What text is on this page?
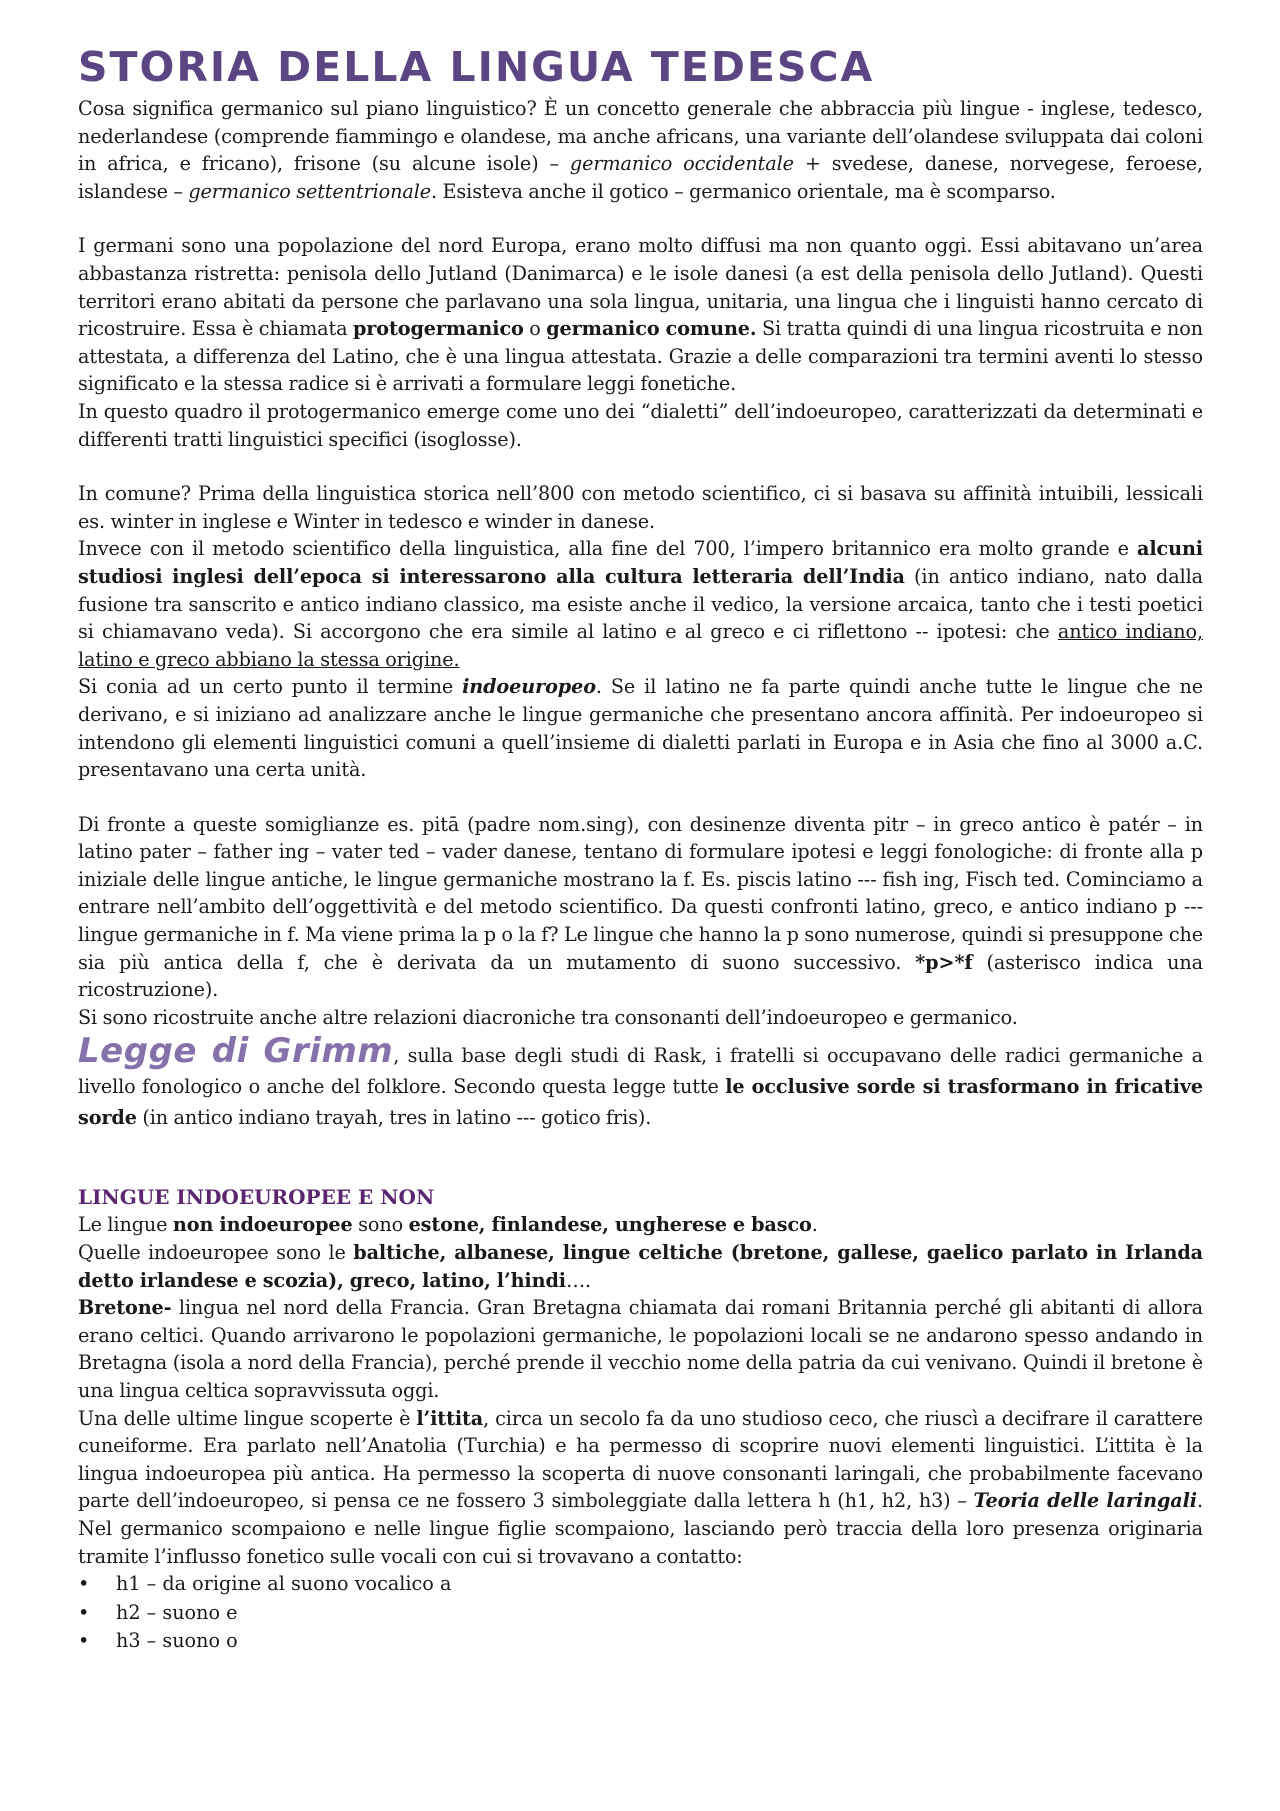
STORIA DELLA LINGUA TEDESCA

Cosa significa germanico sul piano linguistico? È un concetto generale che abbraccia più lingue - inglese, tedesco, nederlandese (comprende fiammingo e olandese, ma anche africans, una variante dell’olandese sviluppata dai coloni in africa, e fricano), frisone (su alcune isole) – germanico occidentale + svedese, danese, norvegese, feroese, islandese – germanico settentrionale. Esisteva anche il gotico – germanico orientale, ma è scomparso.

I germani sono una popolazione del nord Europa, erano molto diffusi ma non quanto oggi. Essi abitavano un’area abbastanza ristretta: penisola dello Jutland (Danimarca) e le isole danesi (a est della penisola dello Jutland). Questi territori erano abitati da persone che parlavano una sola lingua, unitaria, una lingua che i linguisti hanno cercato di ricostruire. Essa è chiamata protogermanico o germanico comune. Si tratta quindi di una lingua ricostruita e non attestata, a differenza del Latino, che è una lingua attestata. Grazie a delle comparazioni tra termini aventi lo stesso significato e la stessa radice si è arrivati a formulare leggi fonetiche.

In questo quadro il protogermanico emerge come uno dei “dialetti” dell’indoeuropeo, caratterizzati da determinati e differenti tratti linguistici specifici (isoglosse).

In comune? Prima della linguistica storica nell’800 con metodo scientifico, ci si basava su affinità intuibili, lessicali es. winter in inglese e Winter in tedesco e winder in danese.

Invece con il metodo scientifico della linguistica, alla fine del 700, l’impero britannico era molto grande e alcuni studiosi inglesi dell’epoca si interessarono alla cultura letteraria dell’India (in antico indiano, nato dalla fusione tra sanscrito e antico indiano classico, ma esiste anche il vedico, la versione arcaica, tanto che i testi poetici si chiamavano veda). Si accorgono che era simile al latino e al greco e ci riflettono -- ipotesi: che antico indiano, latino e greco abbiano la stessa origine.

Si conia ad un certo punto il termine indoeuropeo. Se il latino ne fa parte quindi anche tutte le lingue che ne derivano, e si iniziano ad analizzare anche le lingue germaniche che presentano ancora affinità. Per indoeuropeo si intendono gli elementi linguistici comuni a quell’insieme di dialetti parlati in Europa e in Asia che fino al 3000 a.C. presentavano una certa unità.

Di fronte a queste somiglianze es. pitā (padre nom.sing), con desinenze diventa pitr – in greco antico è patér – in latino pater – father ing – vater ted – vader danese, tentano di formulare ipotesi e leggi fonologiche: di fronte alla p iniziale delle lingue antiche, le lingue germaniche mostrano la f. Es. piscis latino --- fish ing, Fisch ted. Cominciamo a entrare nell’ambito dell’oggettività e del metodo scientifico. Da questi confronti latino, greco, e antico indiano p --- lingue germaniche in f. Ma viene prima la p o la f? Le lingue che hanno la p sono numerose, quindi si presuppone che sia più antica della f, che è derivata da un mutamento di suono successivo. *p>*f (asterisco indica una ricostruzione).

Si sono ricostruite anche altre relazioni diacroniche tra consonanti dell’indoeuropeo e germanico.

Legge di Grimm, sulla base degli studi di Rask, i fratelli si occupavano delle radici germaniche a livello fonologico o anche del folklore. Secondo questa legge tutte le occlusive sorde si trasformano in fricative sorde (in antico indiano trayah, tres in latino --- gotico fris).

LINGUE INDOEUROPEE E NON

Le lingue non indoeuropee sono estone, finlandese, ungherese e basco.

Quelle indoeuropee sono le baltiche, albanese, lingue celtiche (bretone, gallese, gaelico parlato in Irlanda detto irlandese e scozia), greco, latino, l’hindi….

Bretone- lingua nel nord della Francia. Gran Bretagna chiamata dai romani Britannia perché gli abitanti di allora erano celtici. Quando arrivarono le popolazioni germaniche, le popolazioni locali se ne andarono spesso andando in Bretagna (isola a nord della Francia), perché prende il vecchio nome della patria da cui venivano. Quindi il bretone è una lingua celtica sopravvissuta oggi.

Una delle ultime lingue scoperte è l’ittita, circa un secolo fa da uno studioso ceco, che riuscì a decifrare il carattere cuneiforme. Era parlato nell’Anatolia (Turchia) e ha permesso di scoprire nuovi elementi linguistici. L’ittita è la lingua indoeuropea più antica. Ha permesso la scoperta di nuove consonanti laringali, che probabilmente facevano parte dell’indoeuropeo, si pensa ce ne fossero 3 simboleggiate dalla lettera h (h1, h2, h3) – Teoria delle laringali. Nel germanico scompaiono e nelle lingue figlie scompaiono, lasciando però traccia della loro presenza originaria tramite l’influsso fonetico sulle vocali con cui si trovavano a contatto:

• h1 – da origine al suono vocalico a
• h2 – suono e
• h3 – suono o
